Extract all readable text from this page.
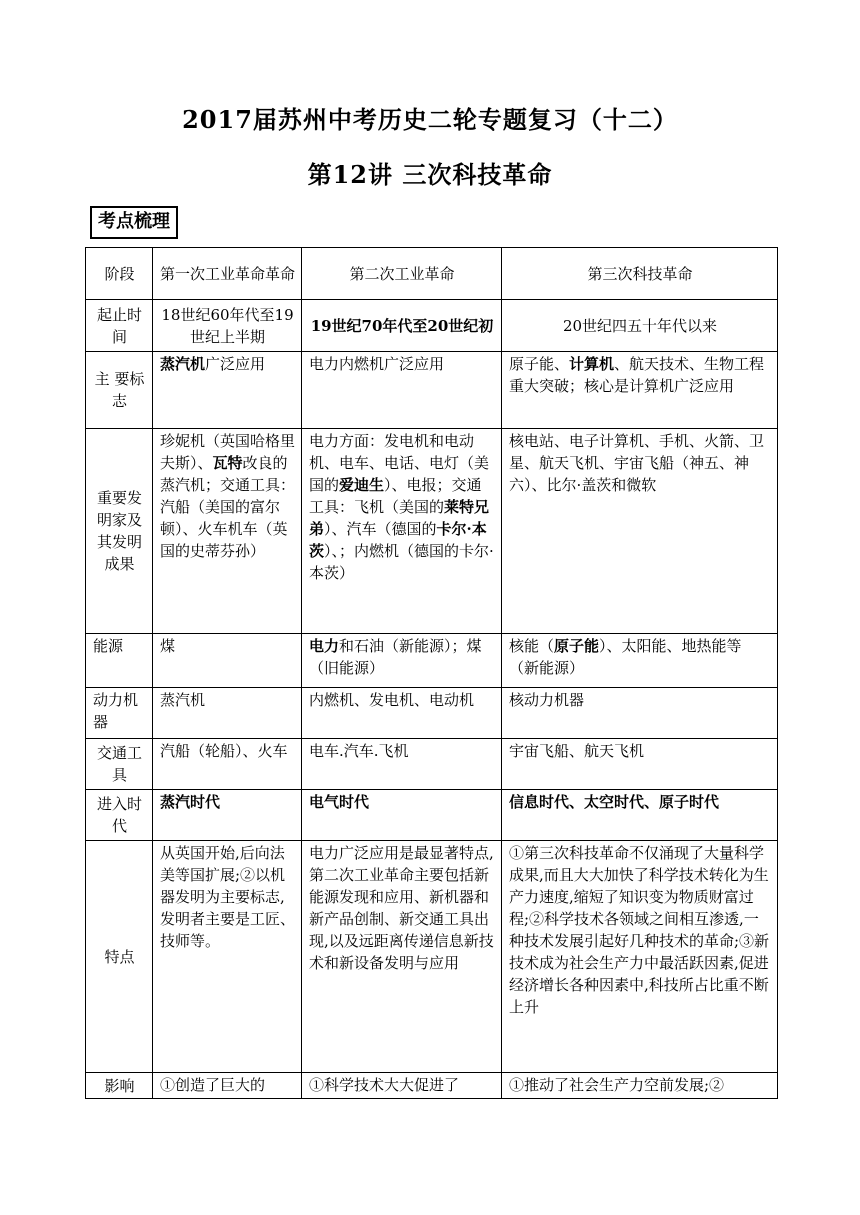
2017届苏州中考历史二轮专题复习（十二）
第12讲 三次科技革命
考点梳理
阶段	第一次工业革命革命	第二次工业革命	第三次科技革命
起止时间	18世纪60年代至19世纪上半期	19世纪70年代至20世纪初	20世纪四五十年代以来
主 要标志	蒸汽机广泛应用	电力内燃机广泛应用	原子能、计算机、航天技术、生物工程重大突破；核心是计算机广泛应用
重要发明家及其发明成果	珍妮机（英国哈格里夫斯）、瓦特改良的蒸汽机；交通工具：汽船（美国的富尔顿）、火车机车（英国的史蒂芬孙）	电力方面：发电机和电动机、电车、电话、电灯（美国的爱迪生）、电报；交通工具：飞机（美国的莱特兄弟）、汽车（德国的卡尔·本茨）、；内燃机（德国的卡尔·本茨）	核电站、电子计算机、手机、火箭、卫星、航天飞机、宇宙飞船（神五、神六）、比尔·盖茨和微软
能源	煤	电力和石油（新能源）；煤（旧能源）	核能（原子能）、太阳能、地热能等（新能源）
动力机器	蒸汽机	内燃机、发电机、电动机	核动力机器
交通工具	汽船（轮船）、火车	电车.汽车.飞机	宇宙飞船、航天飞机
进入时代	蒸汽时代	电气时代	信息时代、太空时代、原子时代
特点	从英国开始,后向法美等国扩展;②以机器发明为主要标志,发明者主要是工匠、技师等。	电力广泛应用是最显著特点,第二次工业革命主要包括新能源发现和应用、新机器和新产品创制、新交通工具出现,以及远距离传递信息新技术和新设备发明与应用	①第三次科技革命不仅涌现了大量科学成果,而且大大加快了科学技术转化为生产力速度,缩短了知识变为物质财富过程;②科学技术各领域之间相互渗透,一种技术发展引起好几种技术的革命;③新技术成为社会生产力中最活跃因素,促进经济增长各种因素中,科技所占比重不断上升
影响	①创造了巨大的	①科学技术大大促进了	①推动了社会生产力空前发展;②
